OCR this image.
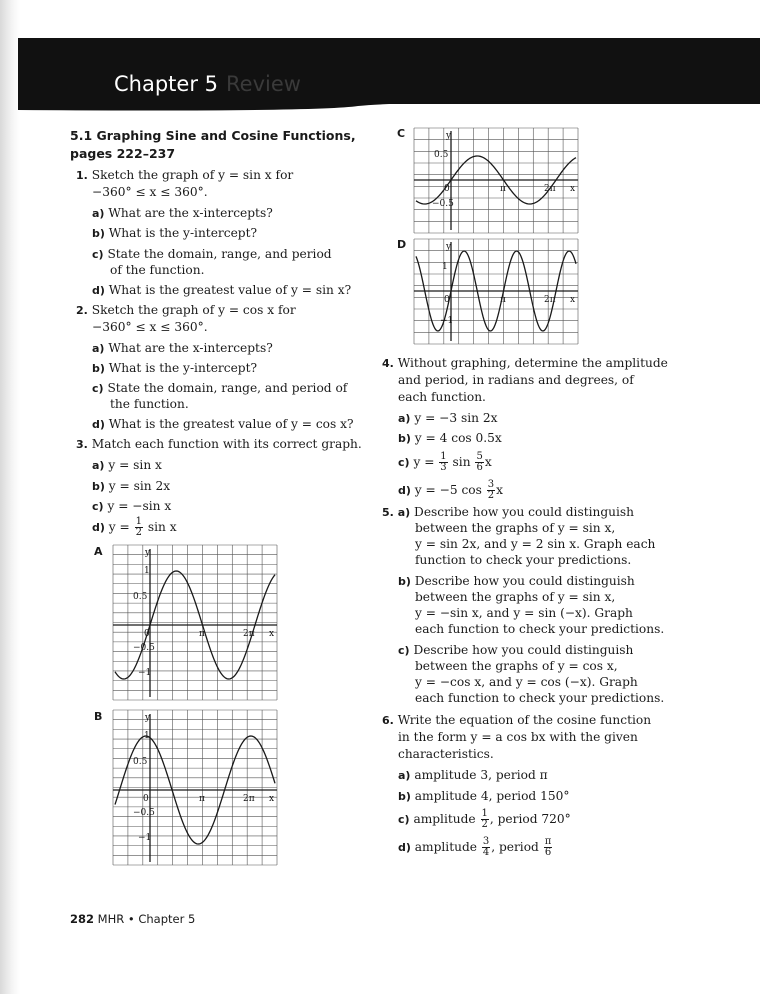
Chapter 5 Review
5.1 Graphing Sine and Cosine Functions,
pages 222–237
1. Sketch the graph of y = sin x for
−360° ≤ x ≤ 360°.
a) What are the x-intercepts?
b) What is the y-intercept?
c) State the domain, range, and period
of the function.
d) What is the greatest value of y = sin x?
2. Sketch the graph of y = cos x for
−360° ≤ x ≤ 360°.
a) What are the x-intercepts?
b) What is the y-intercept?
c) State the domain, range, and period of
the function.
d) What is the greatest value of y = cos x?
3. Match each function with its correct graph.
a) y = sin x
b) y = sin 2x
c) y = −sin x
d) $y = \frac{1}{2}$ sin x
A
B
C
D
y
1
0.5
0	π	2π x
−0.5
−1
y
1
0.5
0	π	2π x
−0.5
−1
y
0.5
0	π	2π x
−0.5
y
1
0	π	2π x
−1
4. Without graphing, determine the amplitude
and period, in radians and degrees, of
each function.
a) y = −3 sin 2x
b) y = 4 cos 0.5x
c) $y = \frac{1}{3}$ $\sin \frac{5}{6}$ x
d) y = −5 $\cos \frac{3}{2}$ x
5. a) Describe how you could distinguish
between the graphs of y = sin x,
y = sin 2x, and y = 2 sin x. Graph each
function to check your predictions.
b) Describe how you could distinguish
between the graphs of y = sin x,
y = −sin x, and y = sin (−x). Graph
each function to check your predictions.
c) Describe how you could distinguish
between the graphs of y = cos x,
y = −cos x, and y = cos (−x). Graph
each function to check your predictions.
6. Write the equation of the cosine function
in the form y = a cos bx with the given
characteristics.
a) amplitude 3, period π
b) amplitude 4, period 150°
c) amplitude $\frac{1}{2}$ , period 720°
d) amplitude $\frac{3}{4}$ , period $\frac{\pi}{6}$
282 MHR • Chapter 5
